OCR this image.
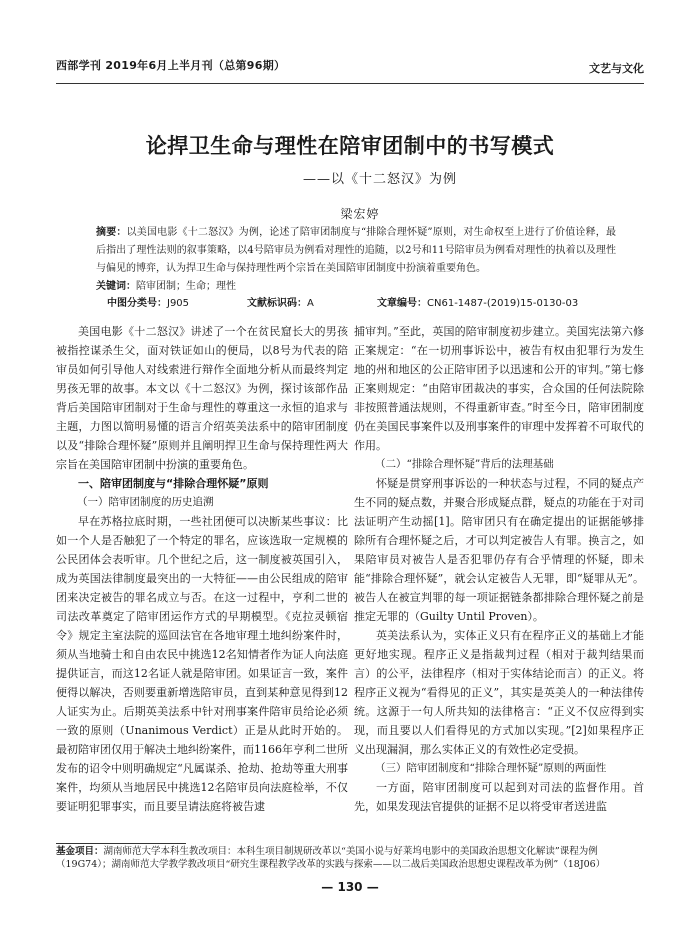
西部学刊 2019年6月上半月刊（总第96期）	文艺与文化
论捍卫生命与理性在陪审团制中的书写模式
——以《十二怒汉》为例
梁宏婷
摘要：以美国电影《十二怒汉》为例，论述了陪审团制度与“排除合理怀疑”原则，对生命权至上进行了价值诠释，最后指出了理性法则的叙事策略，以4号陪审员为例看对理性的追随，以2号和11号陪审员为例看对理性的执着以及理性与偏见的博弈，认为捍卫生命与保持理性两个宗旨在美国陪审团制度中扮演着重要角色。
关键词：陪审团制；生命；理性
中图分类号：J905	文献标识码：A	文章编号：CN61-1487-(2019)15-0130-03

美国电影《十二怒汉》讲述了一个在贫民窟长大的男孩被指控谋杀生父，面对铁证如山的便局，以8号为代表的陪审员如何引导他人对线索进行辩作全面地分析从而最终判定男孩无罪的故事。本文以《十二怒汉》为例，探讨该部作品背后美国陪审团制对于生命与理性的尊重这一永恒的追求与主题，力图以简明易懂的语言介绍英美法系中的陪审团制度以及“排除合理怀疑”原则并且阐明捍卫生命与保持理性两大宗旨在美国陪审团制中扮演的重要角色。

一、陪审团制度与“排除合理怀疑”原则
（一）陪审团制度的历史追溯

早在苏格拉底时期，一些社团便可以决断某些事议：比如一个人是否触犯了一个特定的罪名，应该选取一定规模的公民团体会表听审。几个世纪之后，这一制度被英国引入，成为英国法律制度最突出的一大特征——由公民组成的陪审团来决定被告的罪名成立与否。在这一过程中，亨利二世的司法改革奠定了陪审团运作方式的早期模型。《克拉灵顿宿令》规定主室法院的巡回法官在各地审理土地纠纷案件时，须从当地骑士和自由农民中挑选12名知情者作为证人向法庭提供证言，而这12名证人就是陪审团。如果证言一致，案件便得以解决，否则要重新增选陪审员，直到某种意见得到12人证实为止。后期英美法系中针对刑事案件陪审员给论必须一致的原则（Unanimous Verdict）正是从此时开始的。最初陪审团仅用于解决土地纠纷案件，而1166年亨利二世所发布的诏令中则明确规定“凡属谋杀、抢劫、抢劫等重大刑事案件，均须从当地居民中挑选12名陪审员向法庭检举，不仅要证明犯罪事实，而且要呈请法庭将被告逮

捕审判。”至此，英国的陪审制度初步建立。美国宪法第六修正案规定：“在一切刑事诉讼中，被告有权由犯罪行为发生地的州和地区的公正陪审团予以迅速和公开的审判。”第七修正案则规定：“由陪审团裁决的事实，合众国的任何法院除非按照普通法规则，不得重新审查。”时至今日，陪审团制度仍在美国民事案件以及刑事案件的审理中发挥着不可取代的作用。

（二）“排除合理怀疑”背后的法理基础

怀疑是贯穿刑事诉讼的一种状态与过程，不同的疑点产生不同的疑点数，并聚合形成疑点群，疑点的功能在于对司法证明产生动摇[1]。陪审团只有在确定提出的证据能够排除所有合理怀疑之后，才可以判定被告人有罪。换言之，如果陪审员对被告人是否犯罪仍存有合乎情理的怀疑，即未能“排除合理怀疑”，就会认定被告人无罪，即“疑罪从无”。被告人在被宣判罪的每一项证据链条都排除合理怀疑之前是推定无罪的（Guilty Until Proven）。

英美法系认为，实体正义只有在程序正义的基础上才能更好地实现。程序正义是指裁判过程（相对于裁判结果而言）的公平，法律程序（相对于实体结论而言）的正义。将程序正义视为“看得见的正义”，其实是英美人的一种法律传统。这源于一句人所共知的法律格言：“正义不仅应得到实现，而且要以人们看得见的方式加以实现。”[2]如果程序正义出现漏洞，那么实体正义的有效性必定受损。

（三）陪审团制度和“排除合理怀疑”原则的两面性

一方面，陪审团制度可以起到对司法的监督作用。首先，如果发现法官提供的证据不足以将受审者送进监

基金项目：湖南师范大学本科生教改项目：本科生项目制规研改革以“美国小说与好莱坞电影中的美国政治思想文化解读”课程为例（19G74）；湖南师范大学教学教改项目“研究生课程教学改革的实践与探索——以二战后美国政治思想史课程改革为例”（18J06）
— 130 —
